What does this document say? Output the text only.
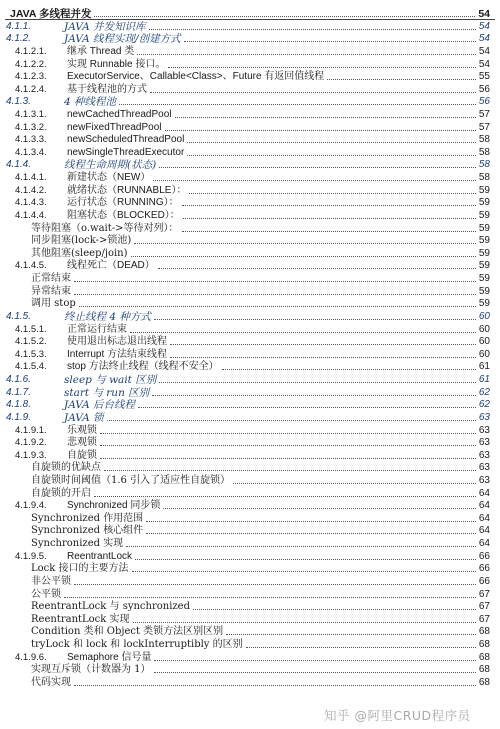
JAVA 多线程并发	54
4.1.1.	JAVA 并发知识库	54
4.1.2.	JAVA 线程实现/创建方式	54
4.1.2.1.	继承 Thread 类	54
4.1.2.2.	实现 Runnable 接口。	54
4.1.2.3.	ExecutorService、Callable<Class>、Future 有返回值线程	55
4.1.2.4.	基于线程池的方式	56
4.1.3.	4 种线程池	56
4.1.3.1.	newCachedThreadPool	57
4.1.3.2.	newFixedThreadPool	57
4.1.3.3.	newScheduledThreadPool	58
4.1.3.4.	newSingleThreadExecutor	58
4.1.4.	线程生命周期(状态)	58
4.1.4.1.	新建状态（NEW）	58
4.1.4.2.	就绪状态（RUNNABLE）：	59
4.1.4.3.	运行状态（RUNNING）：	59
4.1.4.4.	阻塞状态（BLOCKED）：	59
等待阻塞（o.wait->等待对列）：	59
同步阻塞(lock->锁池)	59
其他阻塞(sleep/join)	59
4.1.4.5.	线程死亡（DEAD）	59
正常结束	59
异常结束	59
调用 stop	59
4.1.5.	终止线程 4 种方式	60
4.1.5.1.	正常运行结束	60
4.1.5.2.	使用退出标志退出线程	60
4.1.5.3.	Interrupt 方法结束线程	60
4.1.5.4.	stop 方法终止线程（线程不安全）	61
4.1.6.	sleep 与 wait 区别	61
4.1.7.	start 与 run 区别	62
4.1.8.	JAVA 后台线程	62
4.1.9.	JAVA 锁	63
4.1.9.1.	乐观锁	63
4.1.9.2.	悲观锁	63
4.1.9.3.	自旋锁	63
自旋锁的优缺点	63
自旋锁时间阈值（1.6 引入了适应性自旋锁）	63
自旋锁的开启	64
4.1.9.4.	Synchronized 同步锁	64
Synchronized 作用范围	64
Synchronized 核心组件	64
Synchronized 实现	64
4.1.9.5.	ReentrantLock	66
Lock 接口的主要方法	66
非公平锁	66
公平锁	67
ReentrantLock 与 synchronized	67
ReentrantLock 实现	67
Condition 类和 Object 类锁方法区别区别	68
tryLock 和 lock 和 lockInterruptibly 的区别	68
4.1.9.6.	Semaphore 信号量	68
实现互斥锁（计数器为 1）	68
代码实现	68
知乎 @阿里CRUD程序员
